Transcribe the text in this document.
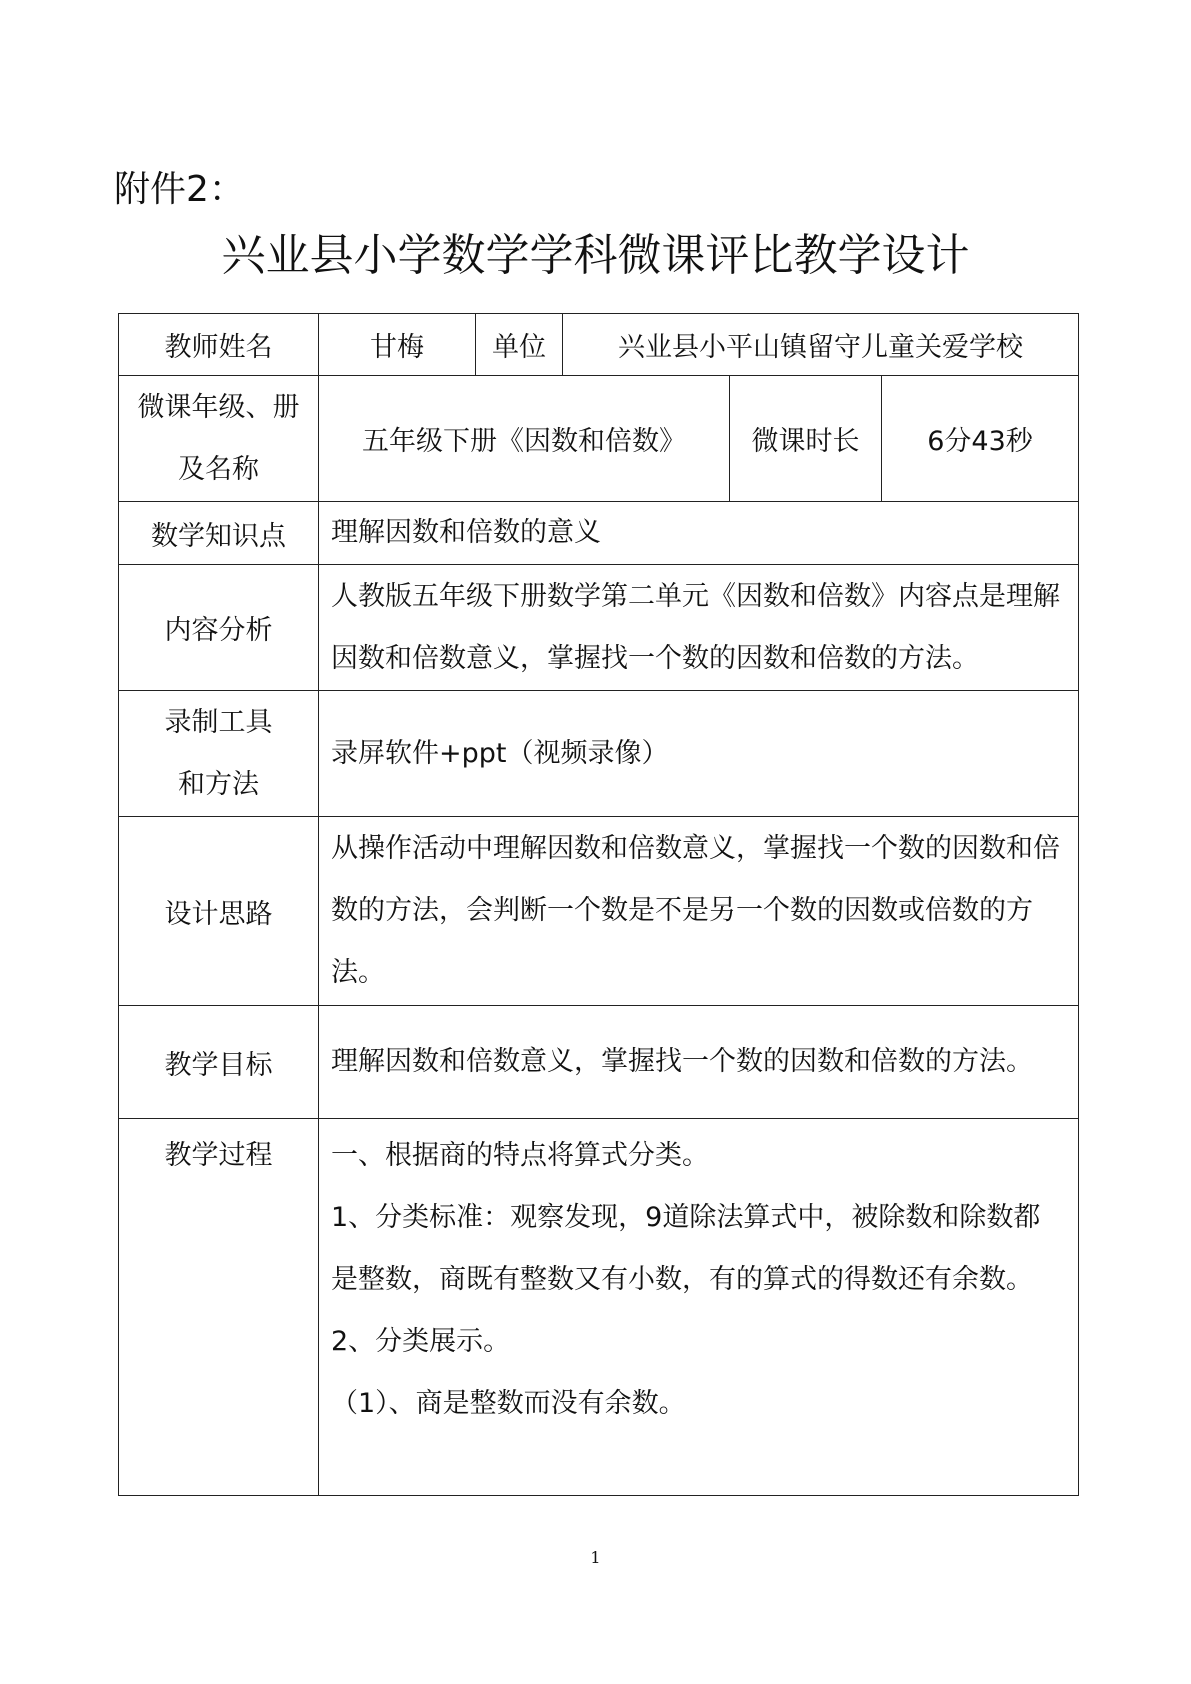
附件2：
兴业县小学数学学科微课评比教学设计
教师姓名	甘梅	单位	兴业县小平山镇留守儿童关爱学校		

微课年级、册
及名称	五年级下册《因数和倍数》			微课时长	6分43秒
数学知识点	理解因数和倍数的意义				
内容分析	人教版五年级下册数学第二单元《因数和倍数》内容点是理解因数和倍数意义，掌握找一个数的因数和倍数的方法。				

录制工具
和方法	录屏软件+ppt（视频录像）				
设计思路	从操作活动中理解因数和倍数意义，掌握找一个数的因数和倍数的方法，会判断一个数是不是另一个数的因数或倍数的方法。				
教学目标	理解因数和倍数意义，掌握找一个数的因数和倍数的方法。				
教学过程	一、根据商的特点将算式分类。
1、分类标准：观察发现，9道除法算式中，被除数和除数都是整数，商既有整数又有小数，有的算式的得数还有余数。
2、分类展示。
（1）、商是整数而没有余数。				
1
